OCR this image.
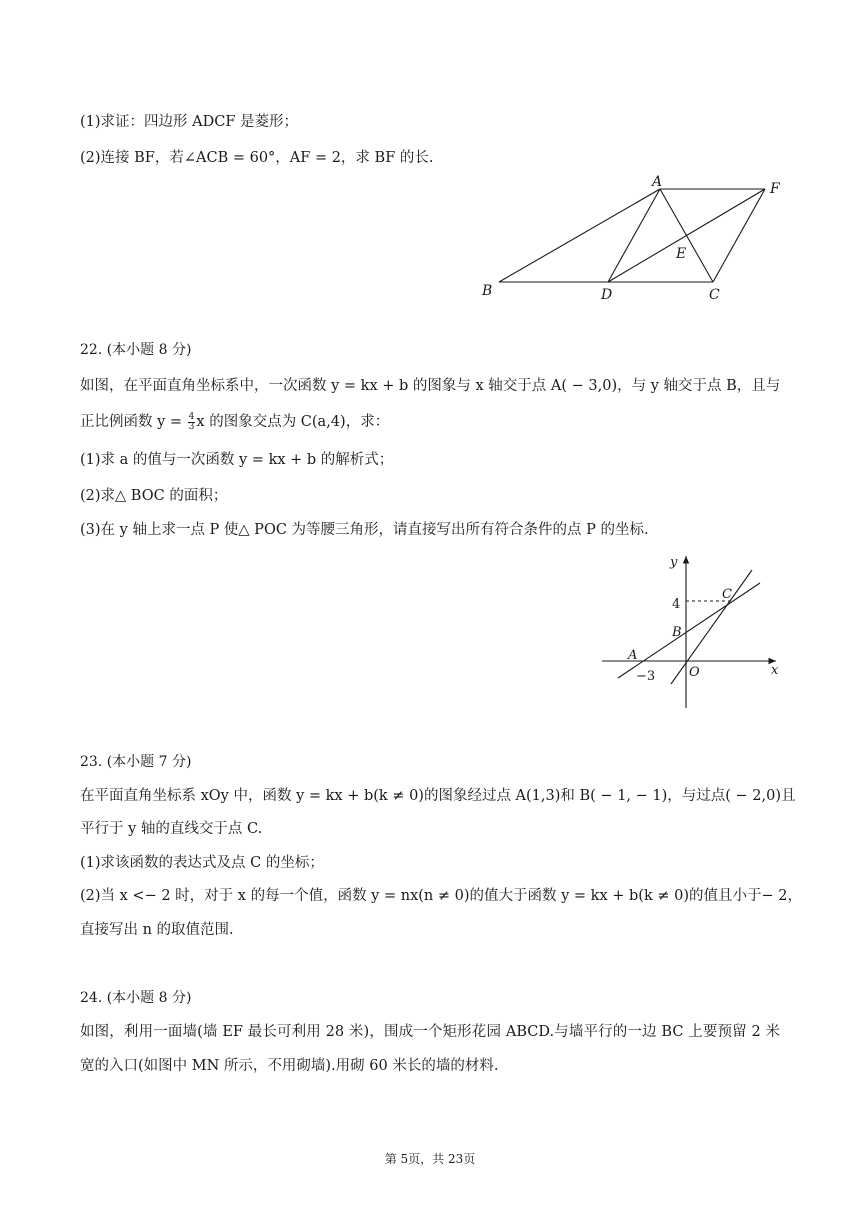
(1)求证：四边形 ADCF 是菱形；
(2)连接 BF，若∠ACB = 60°，AF = 2，求 BF 的长.
A	F
E
B	D	C
22. (本小题 8 分)
如图，在平面直角坐标系中，一次函数 y = kx + b 的图象与 x 轴交于点 A( − 3,0)，与 y 轴交于点 B，且与
正比例函数 $y = \frac{4}{3}$ x 的图象交点为 C(a,4)，求：
(1)求 a 的值与一次函数 y = kx + b 的解析式；
(2)求△ BOC 的面积；
(3)在 y 轴上求一点 P 使△ POC 为等腰三角形，请直接写出所有符合条件的点 P 的坐标.
y
x
4
C
B
A
−3	O
23. (本小题 7 分)
在平面直角坐标系 xOy 中，函数 y = kx + b(k ≠ 0)的图象经过点 A(1,3)和 B( − 1, − 1)，与过点( − 2,0)且
平行于 y 轴的直线交于点 C.
(1)求该函数的表达式及点 C 的坐标；
(2)当 x <− 2 时，对于 x 的每一个值，函数 y = nx(n ≠ 0)的值大于函数 y = kx + b(k ≠ 0)的值且小于− 2，
直接写出 n 的取值范围.
24. (本小题 8 分)
如图，利用一面墙(墙 EF 最长可利用 28 米)，围成一个矩形花园 ABCD.与墙平行的一边 BC 上要预留 2 米
宽的入口(如图中 MN 所示，不用砌墙).用砌 60 米长的墙的材料.
第 5页，共 23页
